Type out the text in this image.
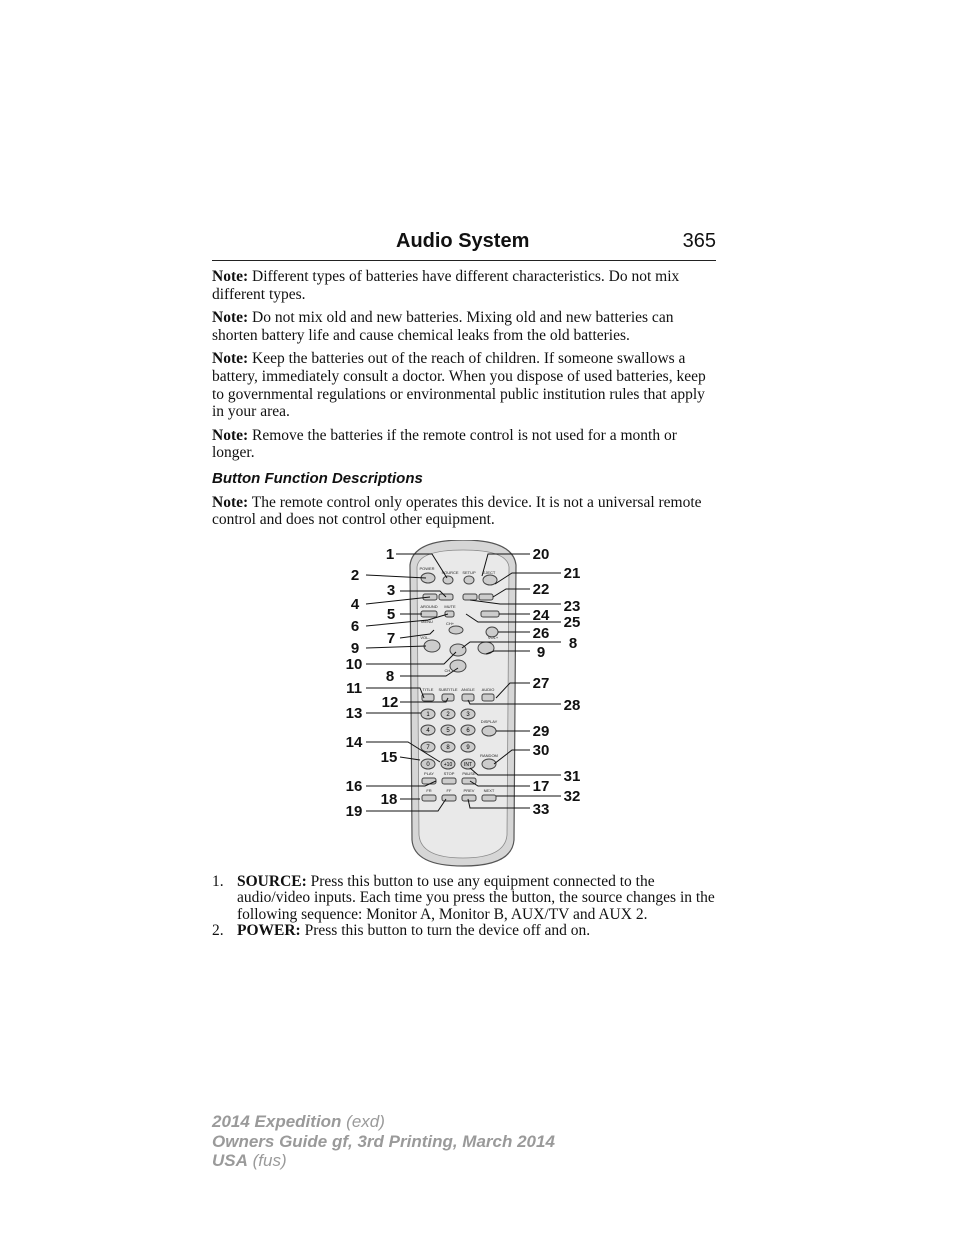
Audio System	365

Note: Different types of batteries have different characteristics. Do not mix different types.

Note: Do not mix old and new batteries. Mixing old and new batteries can shorten battery life and cause chemical leaks from the old batteries.

Note: Keep the batteries out of the reach of children. If someone swallows a battery, immediately consult a doctor. When you dispose of used batteries, keep to governmental regulations or environmental public institution rules that apply in your area.

Note: Remove the batteries if the remote control is not used for a month or longer.

Button Function Descriptions

Note: The remote control only operates this device. It is not a universal remote control and does not control other equipment.

1	2	3
4	5	6
7	8	9
0	+10 INT
POWER
SOURCE SETUP EJECT
AROUND MUTE
MENU	CH+
VOL-	VOL+
CH-
TITLE SUBTITLE ANGLE AUDIO
DISPLAY
RANDOM
PLAY STOP PAUSE
FR	FF	PREV NEXT
1
2
3
4
5
6
7
9
10
8
11
12
13
14
15
16
18
19
20
21
22
23
24 25
26
8
9
27
28
29
30
31
17
32
33
1. SOURCE: Press this button to use any equipment connected to the audio/video inputs. Each time you press the button, the source changes in the following sequence: Monitor A, Monitor B, AUX/TV and AUX 2.
2. POWER: Press this button to turn the device off and on.
2014 Expedition (exd)
Owners Guide gf, 3rd Printing, March 2014
USA (fus)
